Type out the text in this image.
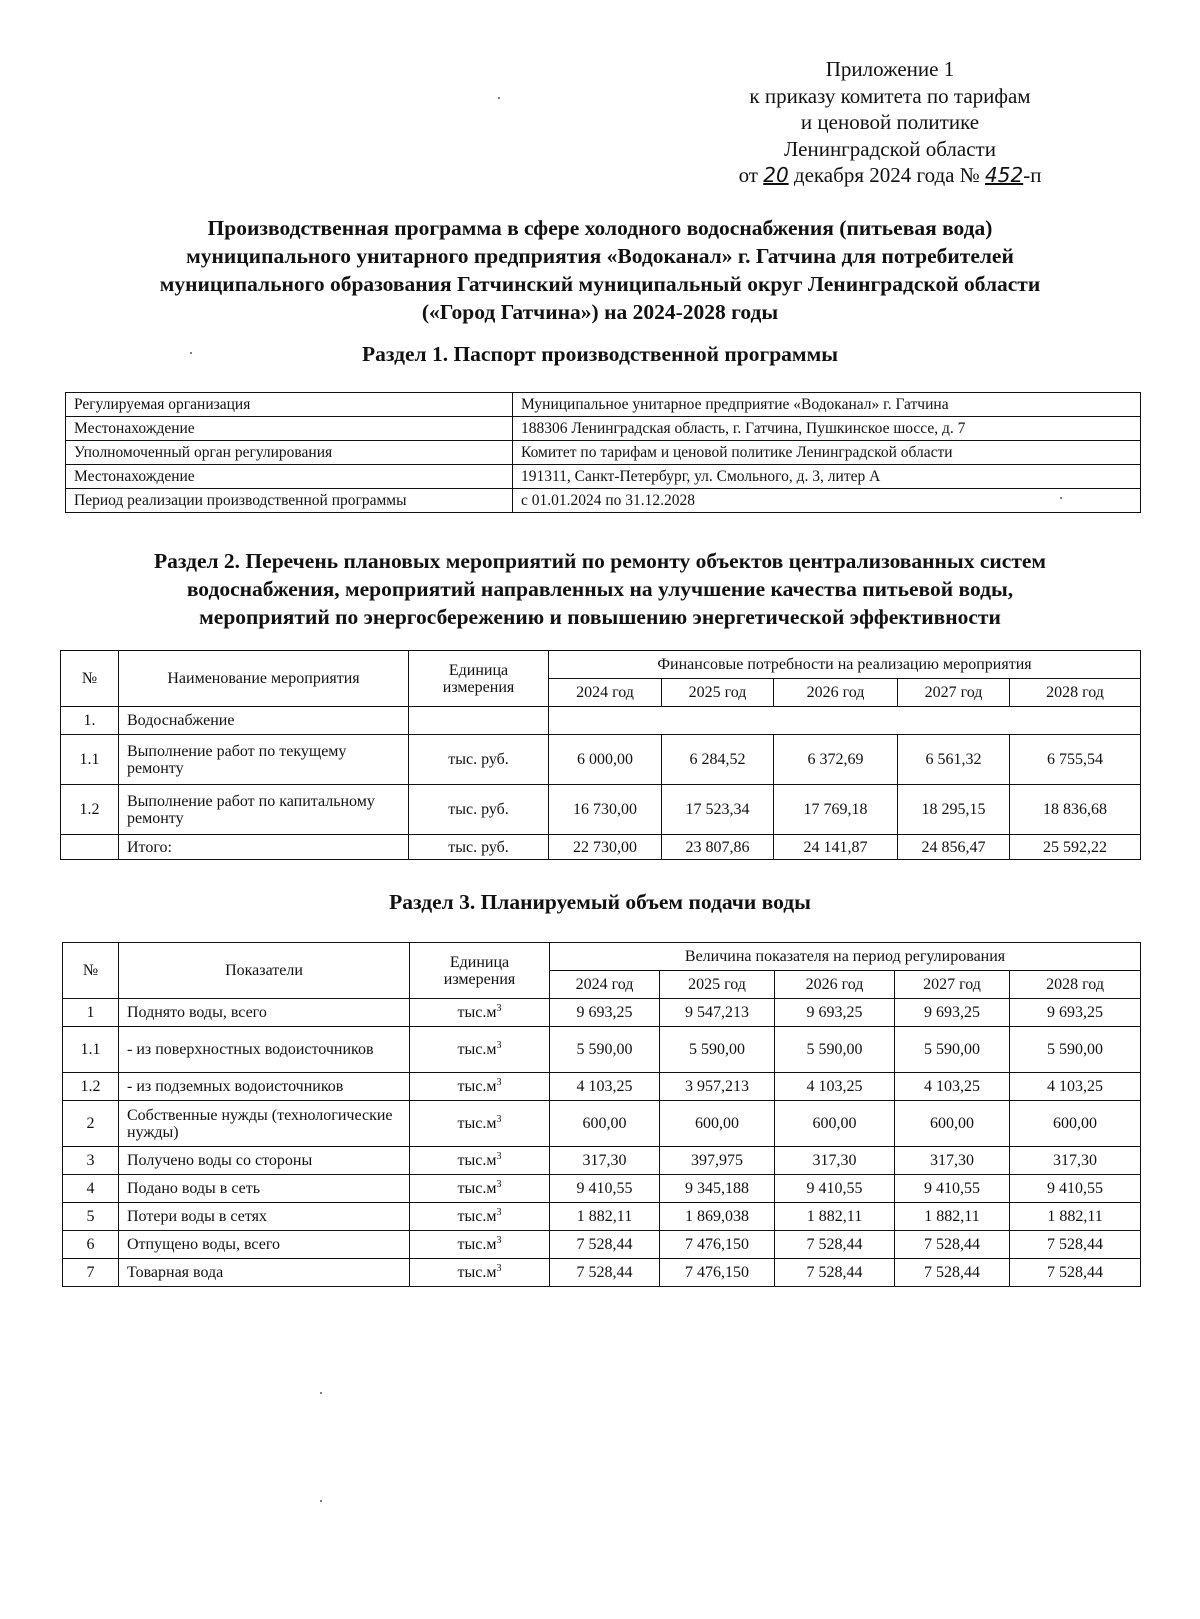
Приложение 1
к приказу комитета по тарифам
и ценовой политике
Ленинградской области
от 20 декабря 2024 года № 452-п
Производственная программа в сфере холодного водоснабжения (питьевая вода)
муниципального унитарного предприятия «Водоканал» г. Гатчина для потребителей
муниципального образования Гатчинский муниципальный округ Ленинградской области
(«Город Гатчина») на 2024-2028 годы
Раздел 1. Паспорт производственной программы
Регулируемая организация	Муниципальное унитарное предприятие «Водоканал» г. Гатчина
Местонахождение	188306 Ленинградская область, г. Гатчина, Пушкинское шоссе, д. 7
Уполномоченный орган регулирования	Комитет по тарифам и ценовой политике Ленинградской области
Местонахождение	191311, Санкт-Петербург, ул. Смольного, д. 3, литер А
Период реализации производственной программы	с 01.01.2024 по 31.12.2028
Раздел 2. Перечень плановых мероприятий по ремонту объектов централизованных систем
водоснабжения, мероприятий направленных на улучшение качества питьевой воды,
мероприятий по энергосбережению и повышению энергетической эффективности
№	Наименование мероприятия	Единица измерения	Финансовые потребности на реализацию мероприятия				
			2024 год	2025 год	2026 год	2027 год	2028 год
1.	Водоснабжение						
1.1	Выполнение работ по текущему ремонту	тыс. руб.	6 000,00	6 284,52	6 372,69	6 561,32	6 755,54
1.2	Выполнение работ по капитальному ремонту	тыс. руб.	16 730,00	17 523,34	17 769,18	18 295,15	18 836,68
	Итого:	тыс. руб.	22 730,00	23 807,86	24 141,87	24 856,47	25 592,22
Раздел 3. Планируемый объем подачи воды
№	Показатели	Единица измерения	Величина показателя на период регулирования				
			2024 год	2025 год	2026 год	2027 год	2028 год
1	Поднято воды, всего	$тыс.м^3$	9 693,25	9 547,213	9 693,25	9 693,25	9 693,25
1.1	- из поверхностных водоисточников	$тыс.м^3$	5 590,00	5 590,00	5 590,00	5 590,00	5 590,00
1.2	- из подземных водоисточников	$тыс.м^3$	4 103,25	3 957,213	4 103,25	4 103,25	4 103,25
2	Собственные нужды (технологические нужды)	$тыс.м^3$	600,00	600,00	600,00	600,00	600,00
3	Получено воды со стороны	$тыс.м^3$	317,30	397,975	317,30	317,30	317,30
4	Подано воды в сеть	$тыс.м^3$	9 410,55	9 345,188	9 410,55	9 410,55	9 410,55
5	Потери воды в сетях	$тыс.м^3$	1 882,11	1 869,038	1 882,11	1 882,11	1 882,11
6	Отпущено воды, всего	$тыс.м^3$	7 528,44	7 476,150	7 528,44	7 528,44	7 528,44
7	Товарная вода	$тыс.м^3$	7 528,44	7 476,150	7 528,44	7 528,44	7 528,44
